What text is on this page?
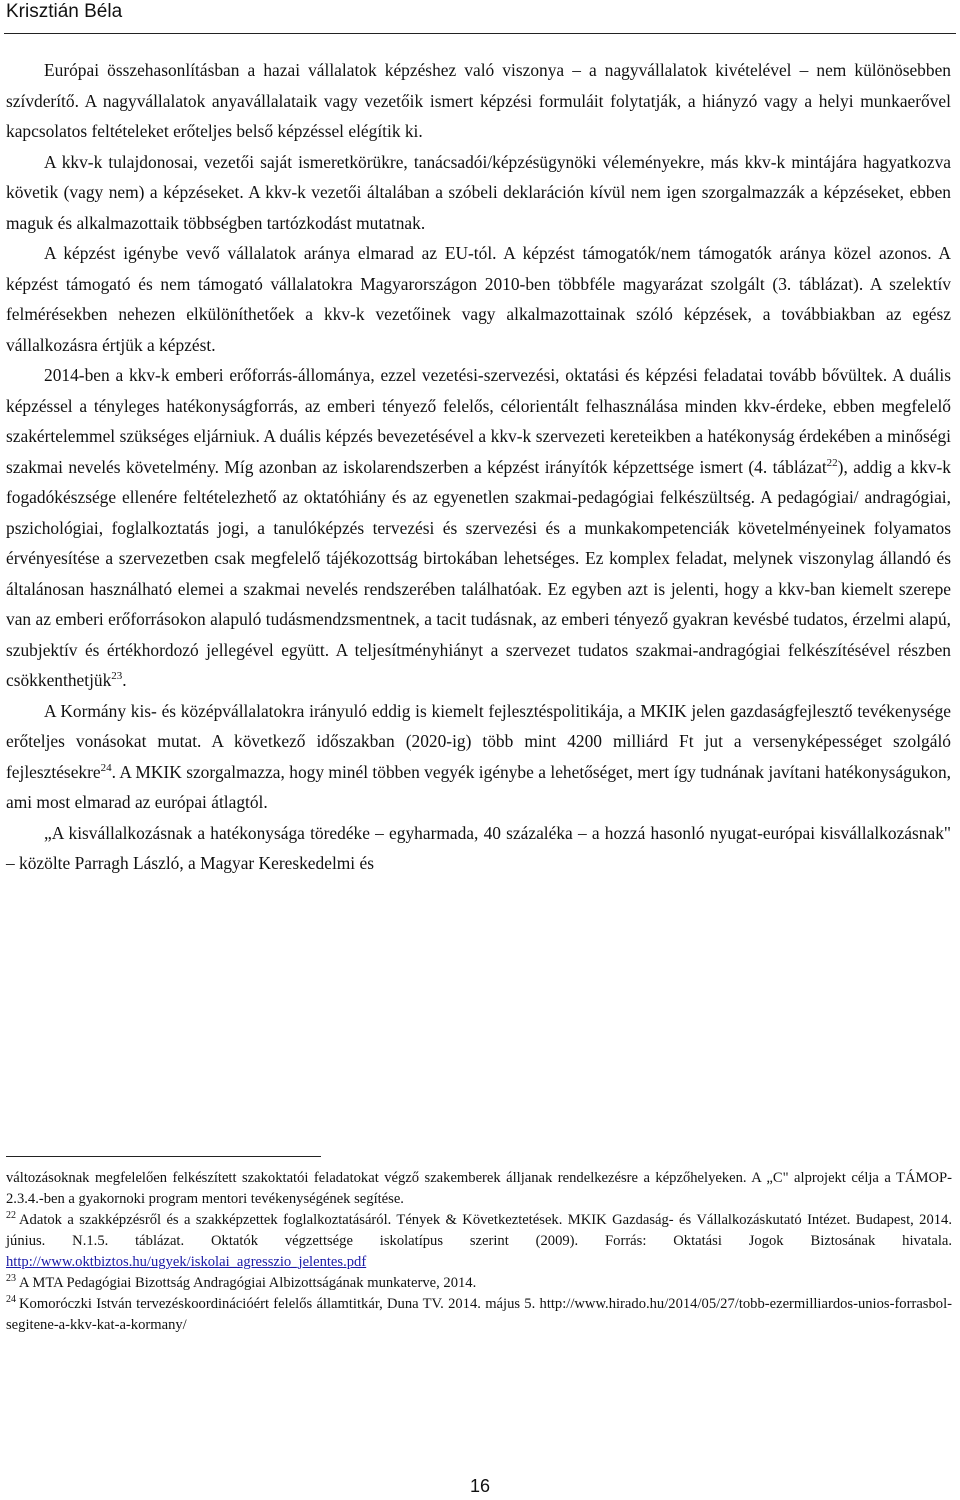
Krisztián Béla

Európai összehasonlításban a hazai vállalatok képzéshez való viszonya – a nagyvállalatok kivételével – nem különösebben szívderítő. A nagyvállalatok anyavállalataik vagy vezetőik ismert képzési formuláit folytatják, a hiányzó vagy a helyi munkaerővel kapcsolatos feltételeket erőteljes belső képzéssel elégítik ki.

A kkv-k tulajdonosai, vezetői saját ismeretkörükre, tanácsadói/képzésügynöki véleményekre, más kkv-k mintájára hagyatkozva követik (vagy nem) a képzéseket. A kkv-k vezetői általában a szóbeli deklaráción kívül nem igen szorgalmazzák a képzéseket, ebben maguk és alkalmazottaik többségben tartózkodást mutatnak.

A képzést igénybe vevő vállalatok aránya elmarad az EU-tól. A képzést támogatók/nem támogatók aránya közel azonos. A képzést támogató és nem támogató vállalatokra Magyarországon 2010-ben többféle magyarázat szolgált (3. táblázat). A szelektív felmérésekben nehezen elkülöníthetőek a kkv-k vezetőinek vagy alkalmazottainak szóló képzések, a továbbiakban az egész vállalkozásra értjük a képzést.

2014-ben a kkv-k emberi erőforrás-állománya, ezzel vezetési-szervezési, oktatási és képzési feladatai tovább bővültek. A duális képzéssel a tényleges hatékonyságforrás, az emberi tényező felelős, célorientált felhasználása minden kkv-érdeke, ebben megfelelő szakértelemmel szükséges eljárniuk. A duális képzés bevezetésével a kkv-k szervezeti kereteikben a hatékonyság érdekében a minőségi szakmai nevelés követelmény. Míg azonban az iskolarendszerben a képzést irányítók képzettsége ismert (4. táblázat$^{22}$), addig a kkv-k fogadókészsége ellenére feltételezhető az oktatóhiány és az egyenetlen szakmai-pedagógiai felkészültség. A pedagógiai/ andragógiai, pszichológiai, foglalkoztatás jogi, a tanulóképzés tervezési és szervezési és a munkakompetenciák követelményeinek folyamatos érvényesítése a szervezetben csak megfelelő tájékozottság birtokában lehetséges. Ez komplex feladat, melynek viszonylag állandó és általánosan használható elemei a szakmai nevelés rendszerében találhatóak. Ez egyben azt is jelenti, hogy a kkv-ban kiemelt szerepe van az emberi erőforrásokon alapuló tudásmendzsmentnek, a tacit tudásnak, az emberi tényező gyakran kevésbé tudatos, érzelmi alapú, szubjektív és értékhordozó jellegével együtt. A teljesítményhiányt a szervezet tudatos szakmai-andragógiai felkészítésével részben csökkenthetjük$^{23}$.

A Kormány kis- és középvállalatokra irányuló eddig is kiemelt fejlesztéspolitikája, a MKIK jelen gazdaságfejlesztő tevékenysége erőteljes vonásokat mutat. A következő időszakban (2020-ig) több mint 4200 milliárd Ft jut a versenyképességet szolgáló fejlesztésekre$^{24}$. A MKIK szorgalmazza, hogy minél többen vegyék igénybe a lehetőséget, mert így tudnának javítani hatékonyságukon, ami most elmarad az európai átlagtól.

„A kisvállalkozásnak a hatékonysága töredéke – egyharmada, 40 százaléka – a hozzá hasonló nyugat-európai kisvállalkozásnak" – közölte Parragh László, a Magyar Kereskedelmi és

változásoknak megfelelően felkészített szakoktatói feladatokat végző szakemberek álljanak rendelkezésre a képzőhelyeken. A „C" alprojekt célja a TÁMOP-2.3.4.-ben a gyakornoki program mentori tevékenységének segítése.

$^{22}$ Adatok a szakképzésről és a szakképzettek foglalkoztatásáról. Tények & Következtetések. MKIK Gazdaság- és Vállalkozáskutató Intézet. Budapest, 2014. június. N.1.5. táblázat. Oktatók végzettsége iskolatípus szerint (2009). Forrás: Oktatási Jogok Biztosának hivatala. http://www.oktbiztos.hu/ugyek/iskolai_agresszio_jelentes.pdf

$^{23}$ A MTA Pedagógiai Bizottság Andragógiai Albizottságának munkaterve, 2014.

$^{24}$ Komoróczki István tervezéskoordinációért felelős államtitkár, Duna TV. 2014. május 5. http://www.hirado.hu/2014/05/27/tobb-ezermilliardos-unios-forrasbol-segitene-a-kkv-kat-a-kormany/

16
